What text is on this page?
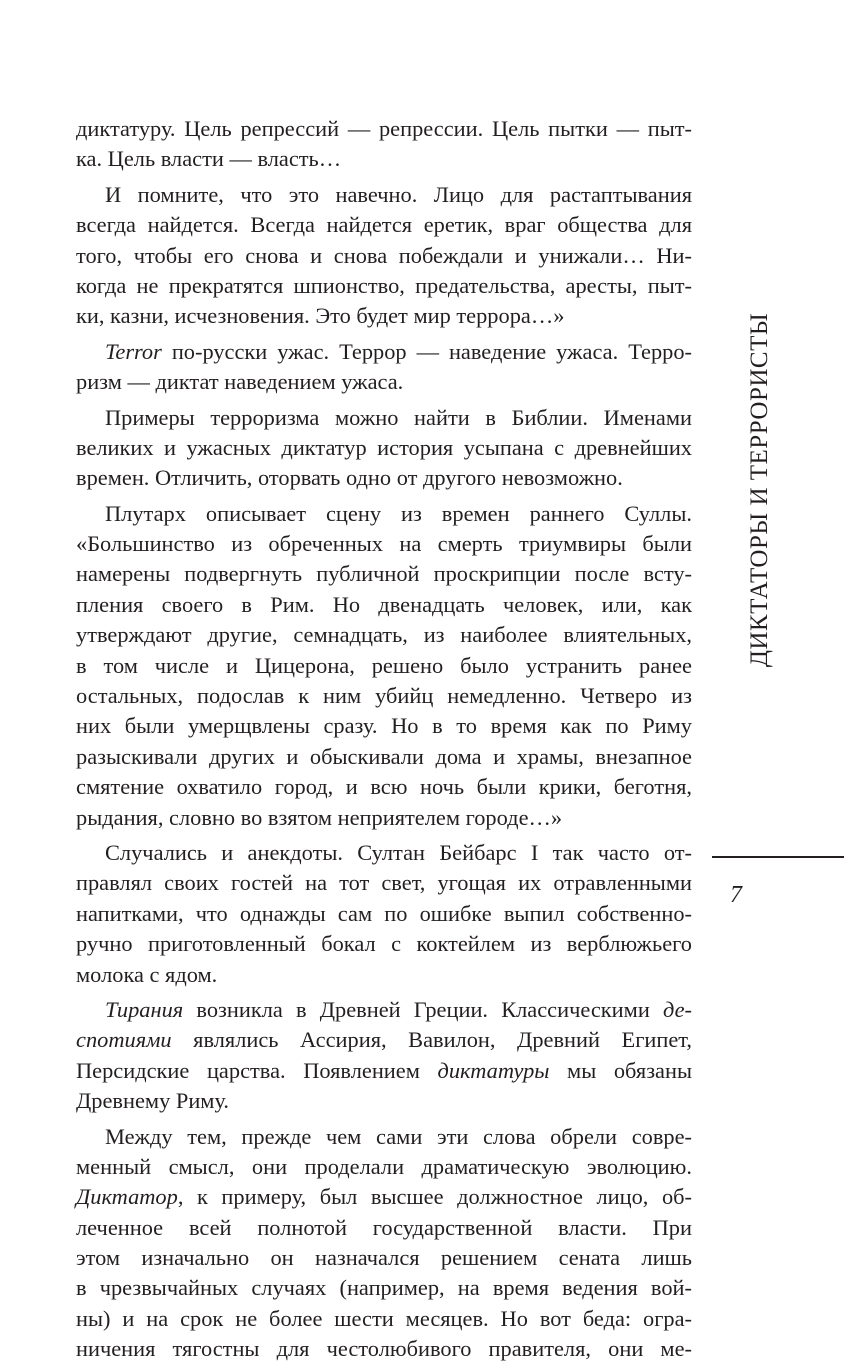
диктатуру. Цель репрессий — репрессии. Цель пытки — пыт-
ка. Цель власти — власть…
И помните, что это навечно. Лицо для растаптывания
всегда найдется. Всегда найдется еретик, враг общества для
того, чтобы его снова и снова побеждали и унижали… Ни-
когда не прекратятся шпионство, предательства, аресты, пыт-
ки, казни, исчезновения. Это будет мир террора…»
Terror по-русски ужас. Террор — наведение ужаса. Терро-
ризм — диктат наведением ужаса.
Примеры терроризма можно найти в Библии. Именами
великих и ужасных диктатур история усыпана с древнейших
времен. Отличить, оторвать одно от другого невозможно.
Плутарх описывает сцену из времен раннего Суллы.
«Большинство из обреченных на смерть триумвиры были
намерены подвергнуть публичной проскрипции после всту-
пления своего в Рим. Но двенадцать человек, или, как
утверждают другие, семнадцать, из наиболее влиятельных,
в том числе и Цицерона, решено было устранить ранее
остальных, подослав к ним убийц немедленно. Четверо из
них были умерщвлены сразу. Но в то время как по Риму
разыскивали других и обыскивали дома и храмы, внезапное
смятение охватило город, и всю ночь были крики, беготня,
рыдания, словно во взятом неприятелем городе…»
Случались и анекдоты. Султан Бейбарс I так часто от-
правлял своих гостей на тот свет, угощая их отравленными
напитками, что однажды сам по ошибке выпил собственно-
ручно приготовленный бокал с коктейлем из верблюжьего
молока с ядом.
Тирания возникла в Древней Греции. Классическими де-
спотиями являлись Ассирия, Вавилон, Древний Египет,
Персидские царства. Появлением диктатуры мы обязаны
Древнему Риму.
Между тем, прежде чем сами эти слова обрели совре-
менный смысл, они проделали драматическую эволюцию.
Диктатор, к примеру, был высшее должностное лицо, об-
леченное всей полнотой государственной власти. При
этом изначально он назначался решением сената лишь
в чрезвычайных случаях (например, на время ведения вой-
ны) и на срок не более шести месяцев. Но вот беда: огра-
ничения тягостны для честолюбивого правителя, они ме-
ДИКТАТОРЫ И ТЕРРОРИСТЫ
7
